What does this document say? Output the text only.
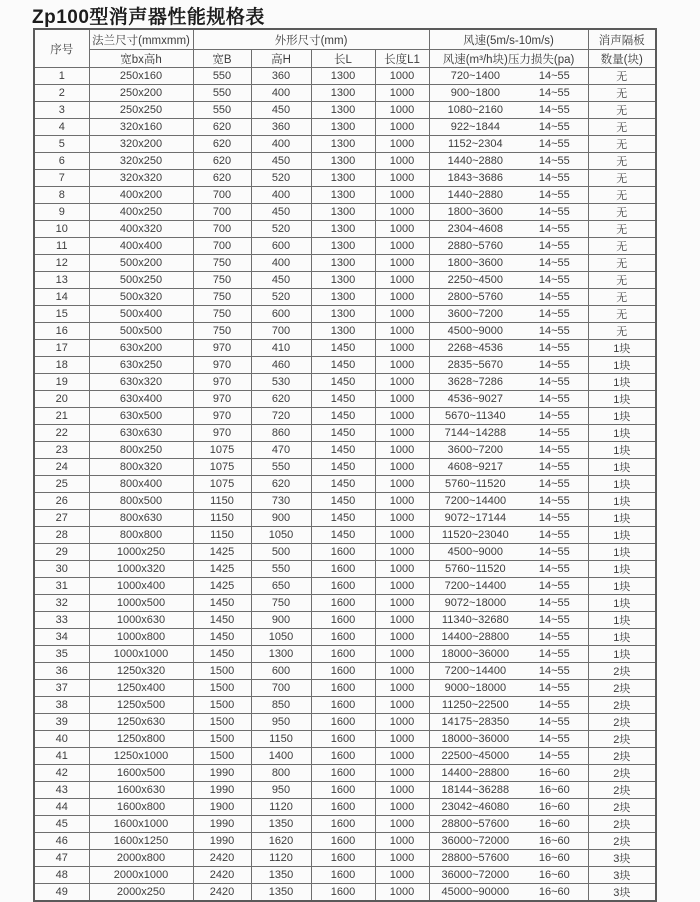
Zp100型消声器性能规格表
序号	法兰尺寸(mmxmm)	外形尺寸(mm)				风速(5m/s-10m/s)	消声隔板
	宽bx高h	宽B	高H	长L	长度L1	风速(m³/h块)压力损失(pa)	数量(块)
1	250x160	550	360	1300	1000	720~1400 14~55	无
2	250x200	550	400	1300	1000	900~1800 14~55	无
3	250x250	550	450	1300	1000	1080~2160 14~55	无
4	320x160	620	360	1300	1000	922~1844 14~55	无
5	320x200	620	400	1300	1000	1152~2304 14~55	无
6	320x250	620	450	1300	1000	1440~2880 14~55	无
7	320x320	620	520	1300	1000	1843~3686 14~55	无
8	400x200	700	400	1300	1000	1440~2880 14~55	无
9	400x250	700	450	1300	1000	1800~3600 14~55	无
10	400x320	700	520	1300	1000	2304~4608 14~55	无
11	400x400	700	600	1300	1000	2880~5760 14~55	无
12	500x200	750	400	1300	1000	1800~3600 14~55	无
13	500x250	750	450	1300	1000	2250~4500 14~55	无
14	500x320	750	520	1300	1000	2800~5760 14~55	无
15	500x400	750	600	1300	1000	3600~7200 14~55	无
16	500x500	750	700	1300	1000	4500~9000 14~55	无
17	630x200	970	410	1450	1000	2268~4536 14~55	1块
18	630x250	970	460	1450	1000	2835~5670 14~55	1块
19	630x320	970	530	1450	1000	3628~7286 14~55	1块
20	630x400	970	620	1450	1000	4536~9027 14~55	1块
21	630x500	970	720	1450	1000	5670~11340 14~55	1块
22	630x630	970	860	1450	1000	7144~14288 14~55	1块
23	800x250	1075	470	1450	1000	3600~7200 14~55	1块
24	800x320	1075	550	1450	1000	4608~9217 14~55	1块
25	800x400	1075	620	1450	1000	5760~11520 14~55	1块
26	800x500	1150	730	1450	1000	7200~14400 14~55	1块
27	800x630	1150	900	1450	1000	9072~17144 14~55	1块
28	800x800	1150	1050	1450	1000	11520~23040 14~55	1块
29	1000x250	1425	500	1600	1000	4500~9000 14~55	1块
30	1000x320	1425	550	1600	1000	5760~11520 14~55	1块
31	1000x400	1425	650	1600	1000	7200~14400 14~55	1块
32	1000x500	1450	750	1600	1000	9072~18000 14~55	1块
33	1000x630	1450	900	1600	1000	11340~32680 14~55	1块
34	1000x800	1450	1050	1600	1000	14400~28800 14~55	1块
35	1000x1000	1450	1300	1600	1000	18000~36000 14~55	1块
36	1250x320	1500	600	1600	1000	7200~14400 14~55	2块
37	1250x400	1500	700	1600	1000	9000~18000 14~55	2块
38	1250x500	1500	850	1600	1000	11250~22500 14~55	2块
39	1250x630	1500	950	1600	1000	14175~28350 14~55	2块
40	1250x800	1500	1150	1600	1000	18000~36000 14~55	2块
41	1250x1000	1500	1400	1600	1000	22500~45000 14~55	2块
42	1600x500	1990	800	1600	1000	14400~28800 16~60	2块
43	1600x630	1990	950	1600	1000	18144~36288 16~60	2块
44	1600x800	1900	1120	1600	1000	23042~46080 16~60	2块
45	1600x1000	1990	1350	1600	1000	28800~57600 16~60	2块
46	1600x1250	1990	1620	1600	1000	36000~72000 16~60	2块
47	2000x800	2420	1120	1600	1000	28800~57600 16~60	3块
48	2000x1000	2420	1350	1600	1000	36000~72000 16~60	3块
49	2000x250	2420	1350	1600	1000	45000~90000 16~60	3块
